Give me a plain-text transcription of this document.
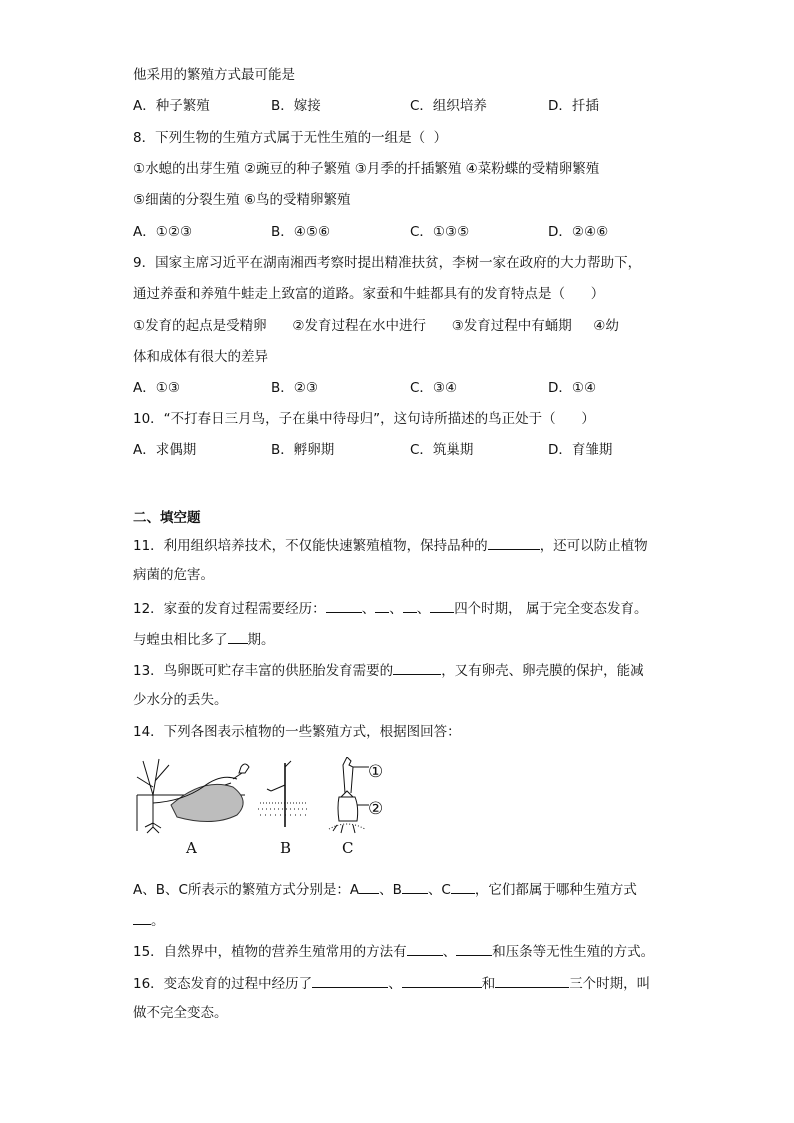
他采用的繁殖方式最可能是
A．种子繁殖	B．嫁接	C．组织培养	D．扦插
8．下列生物的生殖方式属于无性生殖的一组是（  ）
①水螅的出芽生殖 ②豌豆的种子繁殖 ③月季的扦插繁殖 ④菜粉蝶的受精卵繁殖
⑤细菌的分裂生殖 ⑥鸟的受精卵繁殖
A．①②③	B．④⑤⑥	C．①③⑤	D．②④⑥
9．国家主席习近平在湖南湘西考察时提出精准扶贫，李树一家在政府的大力帮助下，
通过养蚕和养殖牛蛙走上致富的道路。家蚕和牛蛙都具有的发育特点是（      ）
①发育的起点是受精卵      ②发育过程在水中进行      ③发育过程中有蛹期     ④幼
体和成体有很大的差异
A．①③	B．②③	C．③④	D．①④
10．“不打春日三月鸟，子在巢中待母归”，这句诗所描述的鸟正处于（      ）
A．求偶期	B．孵卵期	C．筑巢期	D．育雏期
二、填空题
11．利用组织培养技术，不仅能快速繁殖植物，保持品种的	，还可以防止植物
病菌的危害。
12．家蚕的发育过程需要经历：	、 、 、 四个时期， 属于完全变态发育。
与蝗虫相比多了 期。
13．鸟卵既可贮存丰富的供胚胎发育需要的	，又有卵壳、卵壳膜的保护，能减
少水分的丢失。
14．下列各图表示植物的一些繁殖方式，根据图回答：
①
②
A	B	C
A、B、C所表示的繁殖方式分别是：A 、B 、C ，它们都属于哪种生殖方式
。
15．自然界中，植物的营养生殖常用的方法有	、	和压条等无性生殖的方式。
16．变态发育的过程中经历了	、	和	三个时期，叫
做不完全变态。
